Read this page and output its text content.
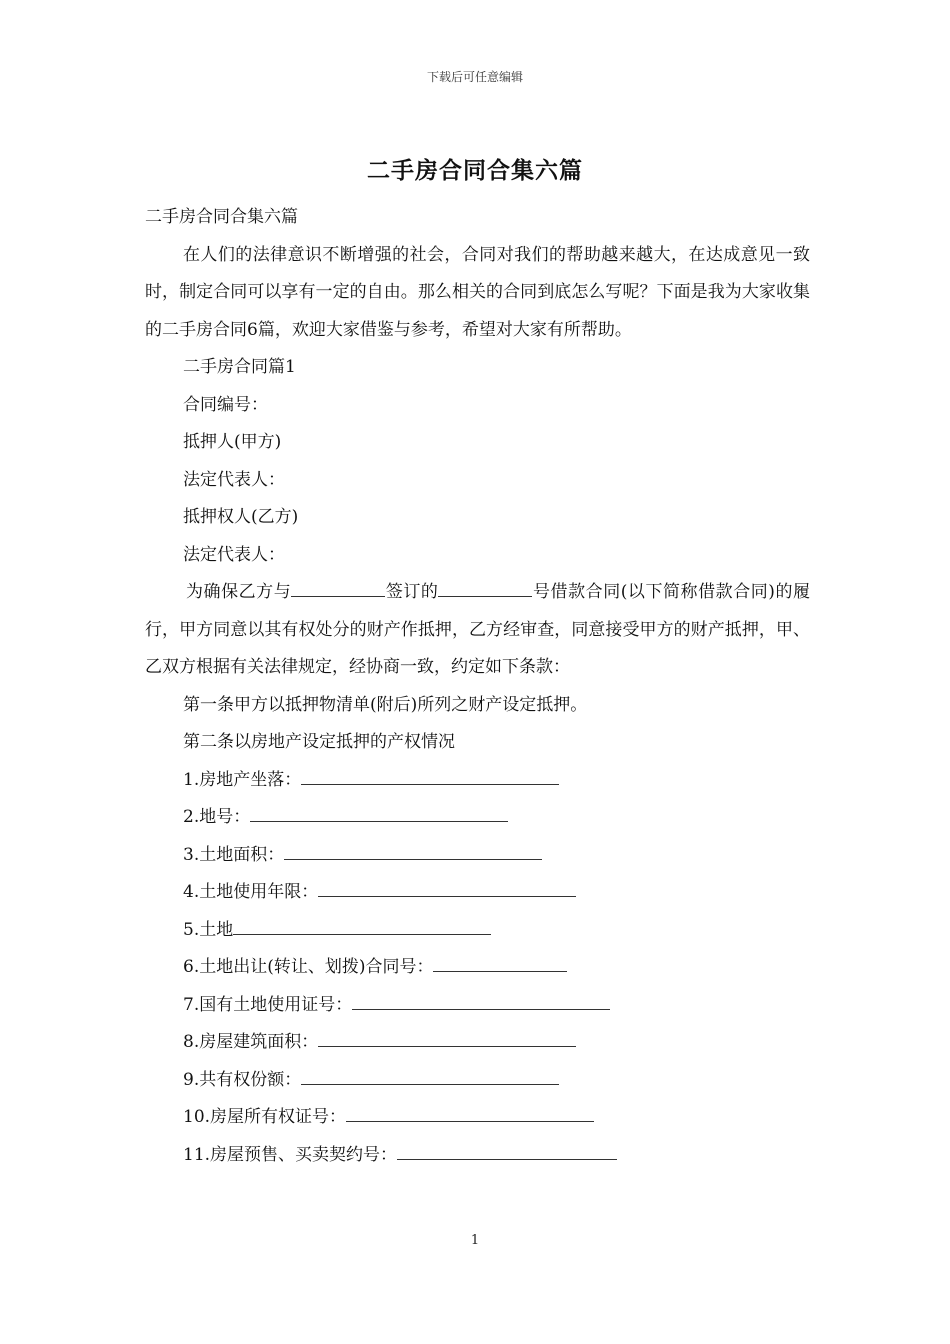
下载后可任意编辑
二手房合同合集六篇
二手房合同合集六篇
在人们的法律意识不断增强的社会，合同对我们的帮助越来越大，在达成意见一致时，制定合同可以享有一定的自由。那么相关的合同到底怎么写呢？下面是我为大家收集的二手房合同6篇，欢迎大家借鉴与参考，希望对大家有所帮助。
二手房合同篇1
合同编号：
抵押人(甲方)
法定代表人：
抵押权人(乙方)
法定代表人：
为确保乙方与	签订的	号借款合同(以下简称借款合同)的履行，甲方同意以其有权处分的财产作抵押，乙方经审查，同意接受甲方的财产抵押，甲、乙双方根据有关法律规定，经协商一致，约定如下条款：
第一条甲方以抵押物清单(附后)所列之财产设定抵押。
第二条以房地产设定抵押的产权情况
1.房地产坐落：
2.地号：
3.土地面积：
4.土地使用年限：
5.土地
6.土地出让(转让、划拨)合同号：
7.国有土地使用证号：
8.房屋建筑面积：
9.共有权份额：
10.房屋所有权证号：
11.房屋预售、买卖契约号：
1
